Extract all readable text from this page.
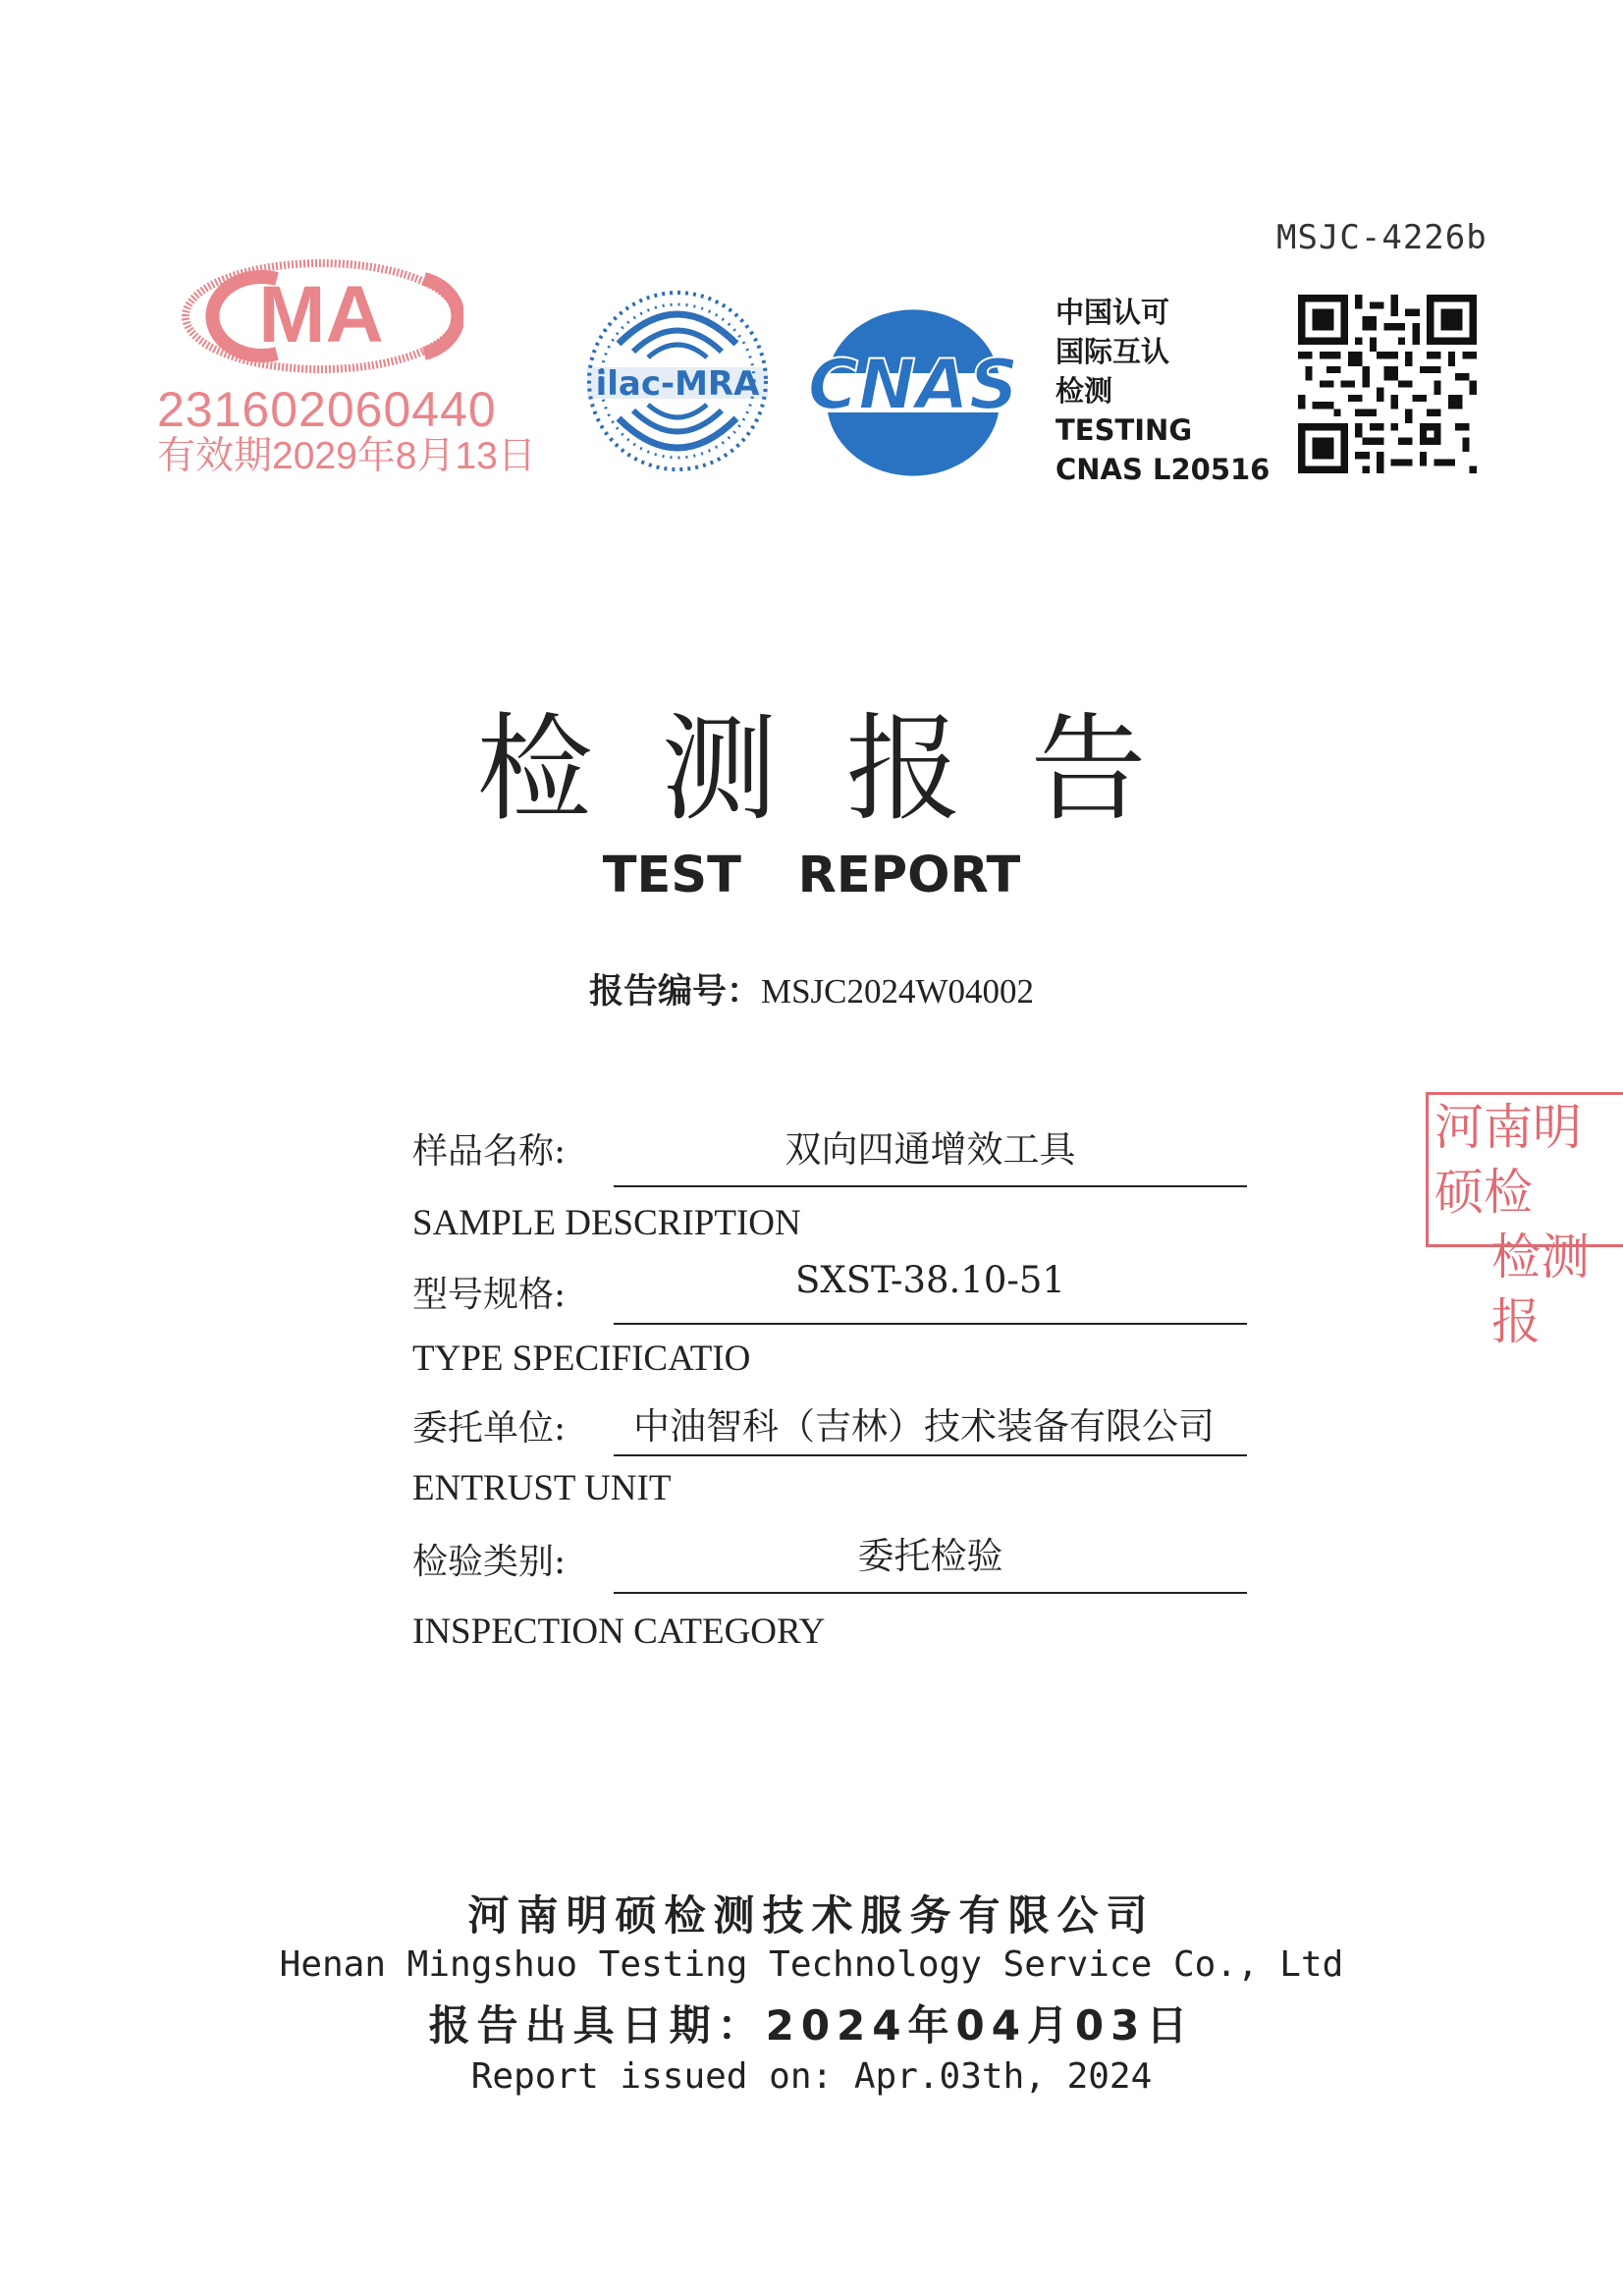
MSJC-4226b
MA
231602060440
有效期2029年8月13日
ilac-MRA CNAS
中国认可
国际互认
检测
TESTING
CNAS L20516
检测报告
TEST REPORT
报告编号：MSJC2024W04002
样品名称:	双向四通增效工具
SAMPLE DESCRIPTION
型号规格:	SXST-38.10-51
TYPE SPECIFICATIO
委托单位: 中油智科（吉林）技术装备有限公司
ENTRUST UNIT
检验类别:	委托检验
INSPECTION CATEGORY
河南明硕检
检测报
河南明硕检测技术服务有限公司
Henan Mingshuo Testing Technology Service Co., Ltd
报告出具日期：2024年04月03日
Report issued on: Apr.03th, 2024
